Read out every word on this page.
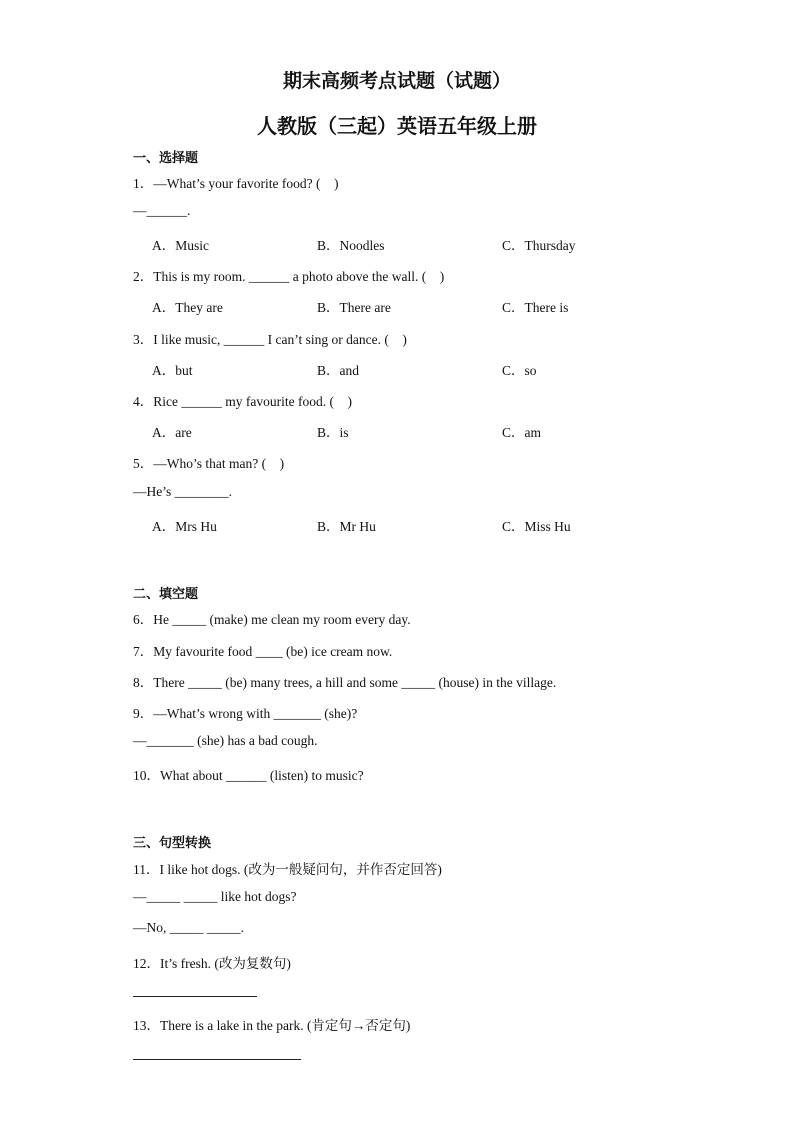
期末高频考点试题（试题）
人教版（三起）英语五年级上册
一、选择题
1．—What’s your favorite food? (　)
—______.
A．Music	B．Noodles	C．Thursday
2．This is my room. ______ a photo above the wall. (　)
A．They are	B．There are	C．There is
3．I like music, ______ I can’t sing or dance. (　)
A．but	B．and	C．so
4．Rice ______ my favourite food. (　)
A．are	B．is	C．am
5．—Who’s that man? (　)
—He’s ________.
A．Mrs Hu	B．Mr Hu	C．Miss Hu
二、填空题
6．He _____ (make) me clean my room every day.
7．My favourite food ____ (be) ice cream now.
8．There _____ (be) many trees, a hill and some _____ (house) in the village.
9．—What’s wrong with _______ (she)?
—_______ (she) has a bad cough.
10．What about ______ (listen) to music?
三、句型转换
11．I like hot dogs. (改为一般疑问句，并作否定回答)
—_____ _____ like hot dogs?
—No, _____ _____.
12．It’s fresh. (改为复数句)
13．There is a lake in the park. (肯定句→否定句)
